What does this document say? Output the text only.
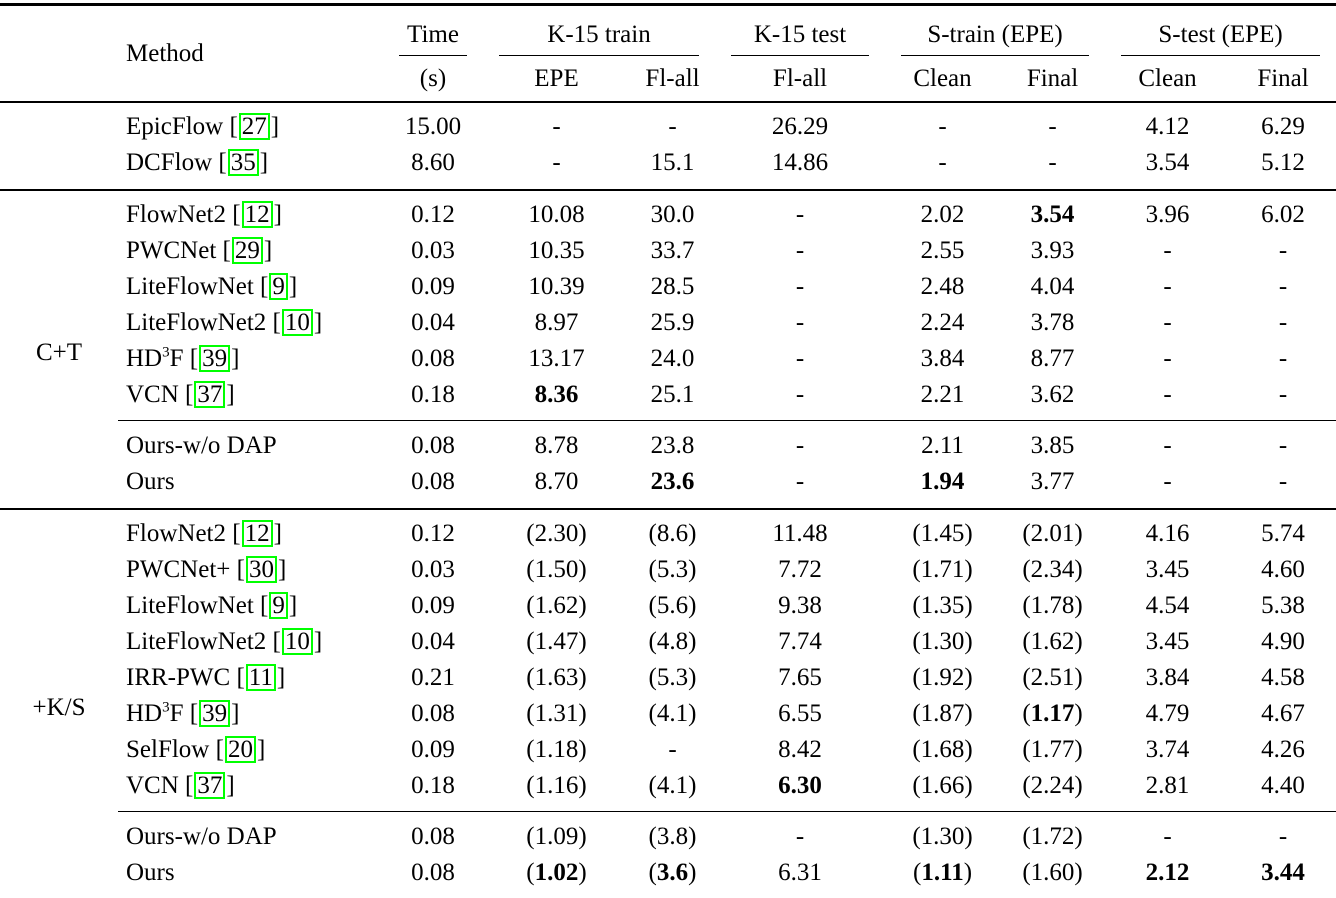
	Method	Time	K-15 train		K-15 test	S-train (EPE)		S-test (EPE)	

		(s)	EPE	Fl-all	Fl-all	Clean	Final	Clean	Final
	EpicFlow [ 27 ]	15.00	-	-	26.29	-	-	4.12	6.29
	DCFlow [ 35 ]	8.60	-	15.1	14.86	-	-	3.54	5.12
C+T	FlowNet2 [ 12 ]	0.12	10.08	30.0	-	2.02	3.54	3.96	6.02
	PWCNet [ 29 ]	0.03	10.35	33.7	-	2.55	3.93	-	-
	LiteFlowNet [ 9 ]	0.09	10.39	28.5	-	2.48	4.04	-	-
	LiteFlowNet2 [ 10 ]	0.04	8.97	25.9	-	2.24	3.78	-	-
	$HD^3F$ [ 39 ]	0.08	13.17	24.0	-	3.84	8.77	-	-
	VCN [ 37 ]	0.18	8.36	25.1	-	2.21	3.62	-	-
	Ours-w/o DAP	0.08	8.78	23.8	-	2.11	3.85	-	-
	Ours	0.08	8.70	23.6	-	1.94	3.77	-	-
+K/S	FlowNet2 [ 12 ]	0.12	(2.30)	(8.6)	11.48	(1.45)	(2.01)	4.16	5.74
	PWCNet+ [ 30 ]	0.03	(1.50)	(5.3)	7.72	(1.71)	(2.34)	3.45	4.60
	LiteFlowNet [ 9 ]	0.09	(1.62)	(5.6)	9.38	(1.35)	(1.78)	4.54	5.38
	LiteFlowNet2 [ 10 ]	0.04	(1.47)	(4.8)	7.74	(1.30)	(1.62)	3.45	4.90
	IRR-PWC [ 11 ]	0.21	(1.63)	(5.3)	7.65	(1.92)	(2.51)	3.84	4.58
	$HD^3F$ [ 39 ]	0.08	(1.31)	(4.1)	6.55	(1.87)	(1.17)	4.79	4.67
	SelFlow [ 20 ]	0.09	(1.18)	-	8.42	(1.68)	(1.77)	3.74	4.26
	VCN [ 37 ]	0.18	(1.16)	(4.1)	6.30	(1.66)	(2.24)	2.81	4.40
	Ours-w/o DAP	0.08	(1.09)	(3.8)	-	(1.30)	(1.72)	-	-
	Ours	0.08	(1.02)	(3.6)	6.31	(1.11)	(1.60)	2.12	3.44
